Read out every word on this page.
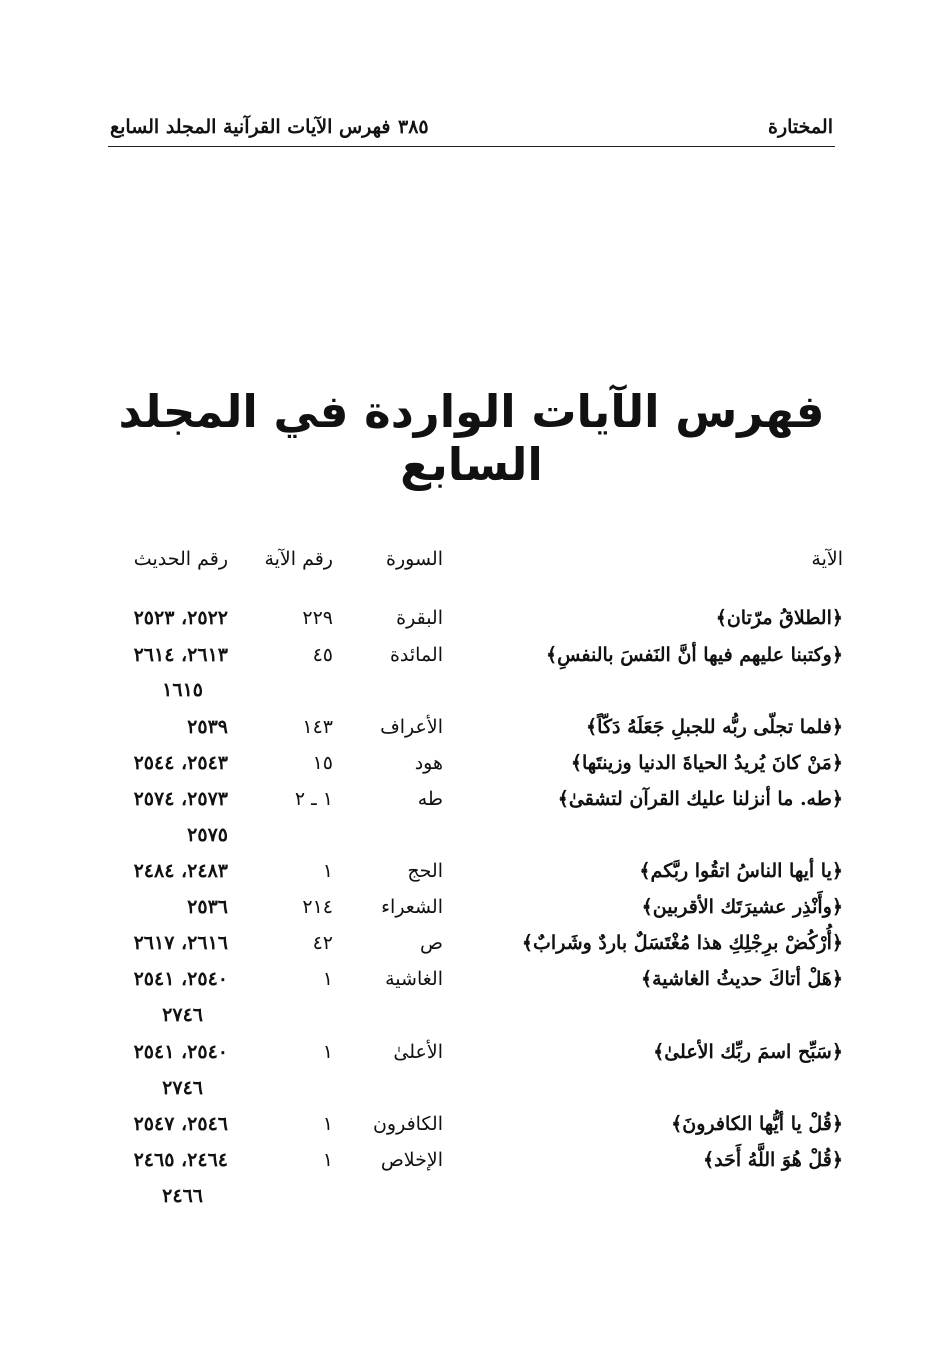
المختارة
٣٨٥
فهرس الآيات القرآنية المجلد السابع
فهرس الآيات الواردة في المجلد السابع
الآية
السورة
رقم الآية
رقم الحديث
﴿الطلاقُ مرّتان﴾
البقرة
٢٢٩
٢٥٢٢، ٢٥٢٣
﴿وكتبنا عليهم فيها أنَّ النَفسَ بالنفسِ﴾
المائدة
٤٥
٢٦١٣، ٢٦١٤
١٦١٥
﴿فلما تجلّى ربُّه للجبلِ جَعَلَهُ دَكّاً﴾
الأعراف
١٤٣
٢٥٣٩
﴿مَنْ كانَ يُريدُ الحياةَ الدنيا وزينتَها﴾
هود
١٥
٢٥٤٣، ٢٥٤٤
﴿طه. ما أنزلنا عليك القرآن لتشقىٰ﴾
طه
١ ـ ٢
٢٥٧٣، ٢٥٧٤
٢٥٧٥
﴿يا أيها الناسُ اتقُوا ربَّكم﴾
الحج
١
٢٤٨٣، ٢٤٨٤
﴿وأَنْذِر عشيرَتَك الأقربين﴾
الشعراء
٢١٤
٢٥٣٦
﴿أُرْكُضْ برِجْلِكِ هذا مُغْتَسَلٌ باردٌ وشَرابٌ﴾
ص
٤٢
٢٦١٦، ٢٦١٧
﴿هَلْ أتاكَ حديثُ الغاشية﴾
الغاشية
١
٢٥٤٠، ٢٥٤١
٢٧٤٦
﴿سَبِّح اسمَ ربِّك الأعلىٰ﴾
الأعلىٰ
١
٢٥٤٠، ٢٥٤١
٢٧٤٦
﴿قُلْ يا أيُّها الكافرونَ﴾
الكافرون
١
٢٥٤٦، ٢٥٤٧
﴿قُلْ هُوَ اللَّهُ أَحَد﴾
الإخلاص
١
٢٤٦٤، ٢٤٦٥
٢٤٦٦
